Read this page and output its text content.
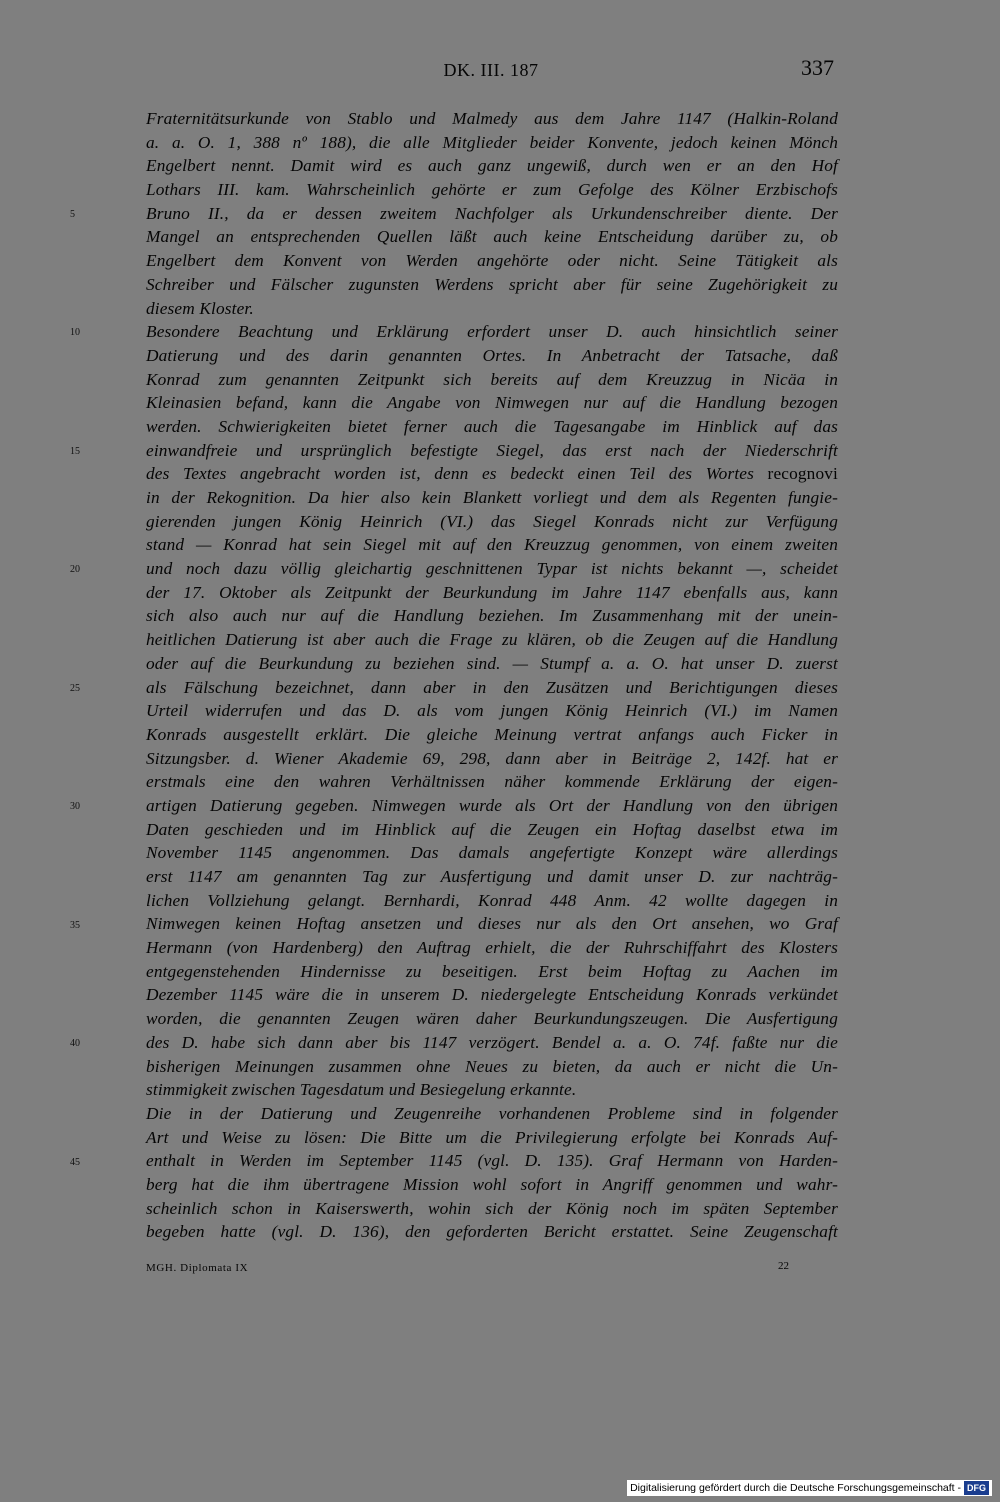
DK. III. 187	337
5
10
15
20
25
30
35
40
45
Fraternitätsurkunde von Stablo und Malmedy aus dem Jahre 1147 (Halkin-Roland
a. a. O. 1, 388 nº 188), die alle Mitglieder beider Konvente, jedoch keinen Mönch
Engelbert nennt. Damit wird es auch ganz ungewiß, durch wen er an den Hof
Lothars III. kam. Wahrscheinlich gehörte er zum Gefolge des Kölner Erzbischofs
Bruno II., da er dessen zweitem Nachfolger als Urkundenschreiber diente. Der
Mangel an entsprechenden Quellen läßt auch keine Entscheidung darüber zu, ob
Engelbert dem Konvent von Werden angehörte oder nicht. Seine Tätigkeit als
Schreiber und Fälscher zugunsten Werdens spricht aber für seine Zugehörigkeit zu
diesem Kloster.
Besondere Beachtung und Erklärung erfordert unser D. auch hinsichtlich seiner
Datierung und des darin genannten Ortes. In Anbetracht der Tatsache, daß
Konrad zum genannten Zeitpunkt sich bereits auf dem Kreuzzug in Nicäa in
Kleinasien befand, kann die Angabe von Nimwegen nur auf die Handlung bezogen
werden. Schwierigkeiten bietet ferner auch die Tagesangabe im Hinblick auf das
einwandfreie und ursprünglich befestigte Siegel, das erst nach der Niederschrift
des Textes angebracht worden ist, denn es bedeckt einen Teil des Wortes recognovi
in der Rekognition. Da hier also kein Blankett vorliegt und dem als Regenten fungie-
gierenden jungen König Heinrich (VI.) das Siegel Konrads nicht zur Verfügung
stand — Konrad hat sein Siegel mit auf den Kreuzzug genommen, von einem zweiten
und noch dazu völlig gleichartig geschnittenen Typar ist nichts bekannt —, scheidet
der 17. Oktober als Zeitpunkt der Beurkundung im Jahre 1147 ebenfalls aus, kann
sich also auch nur auf die Handlung beziehen. Im Zusammenhang mit der unein-
heitlichen Datierung ist aber auch die Frage zu klären, ob die Zeugen auf die Handlung
oder auf die Beurkundung zu beziehen sind. — Stumpf a. a. O. hat unser D. zuerst
als Fälschung bezeichnet, dann aber in den Zusätzen und Berichtigungen dieses
Urteil widerrufen und das D. als vom jungen König Heinrich (VI.) im Namen
Konrads ausgestellt erklärt. Die gleiche Meinung vertrat anfangs auch Ficker in
Sitzungsber. d. Wiener Akademie 69, 298, dann aber in Beiträge 2, 142f. hat er
erstmals eine den wahren Verhältnissen näher kommende Erklärung der eigen-
artigen Datierung gegeben. Nimwegen wurde als Ort der Handlung von den übrigen
Daten geschieden und im Hinblick auf die Zeugen ein Hoftag daselbst etwa im
November 1145 angenommen. Das damals angefertigte Konzept wäre allerdings
erst 1147 am genannten Tag zur Ausfertigung und damit unser D. zur nachträg-
lichen Vollziehung gelangt. Bernhardi, Konrad 448 Anm. 42 wollte dagegen in
Nimwegen keinen Hoftag ansetzen und dieses nur als den Ort ansehen, wo Graf
Hermann (von Hardenberg) den Auftrag erhielt, die der Ruhrschiffahrt des Klosters
entgegenstehenden Hindernisse zu beseitigen. Erst beim Hoftag zu Aachen im
Dezember 1145 wäre die in unserem D. niedergelegte Entscheidung Konrads verkündet
worden, die genannten Zeugen wären daher Beurkundungszeugen. Die Ausfertigung
des D. habe sich dann aber bis 1147 verzögert. Bendel a. a. O. 74f. faßte nur die
bisherigen Meinungen zusammen ohne Neues zu bieten, da auch er nicht die Un-
stimmigkeit zwischen Tagesdatum und Besiegelung erkannte.
Die in der Datierung und Zeugenreihe vorhandenen Probleme sind in folgender
Art und Weise zu lösen: Die Bitte um die Privilegierung erfolgte bei Konrads Auf-
enthalt in Werden im September 1145 (vgl. D. 135). Graf Hermann von Harden-
berg hat die ihm übertragene Mission wohl sofort in Angriff genommen und wahr-
scheinlich schon in Kaiserswerth, wohin sich der König noch im späten September
begeben hatte (vgl. D. 136), den geforderten Bericht erstattet. Seine Zeugenschaft
MGH. Diplomata IX	22
Digitalisierung gefördert durch die Deutsche Forschungsgemeinschaft - DFG
